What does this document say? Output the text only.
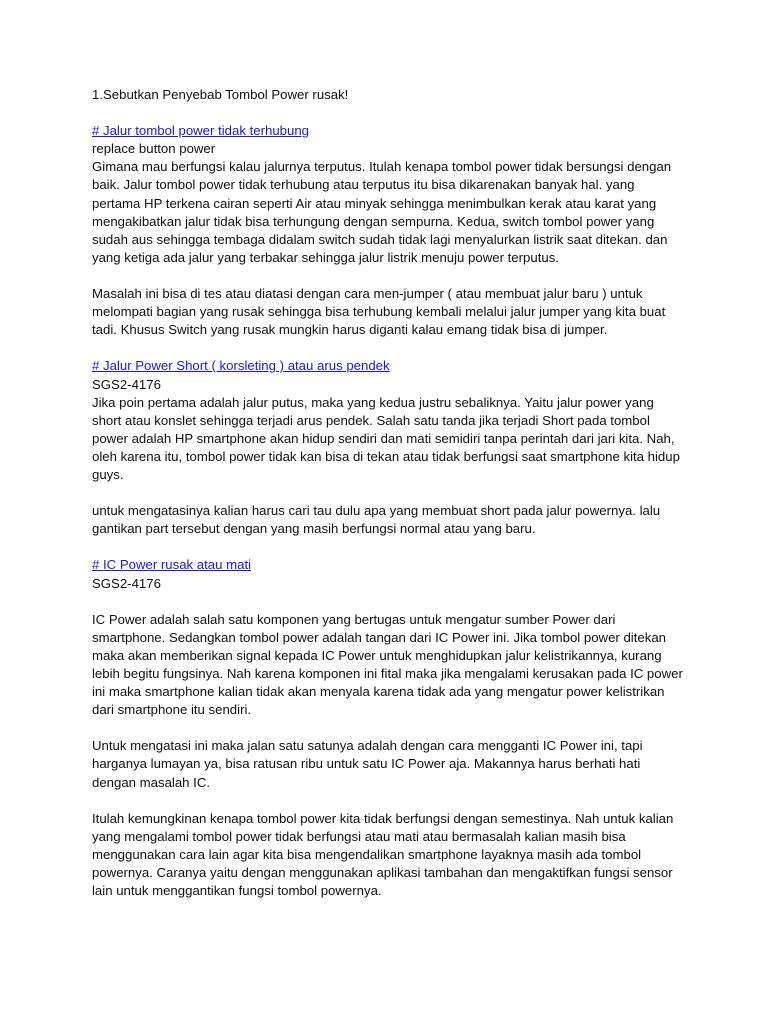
1.Sebutkan Penyebab Tombol Power rusak!

# Jalur tombol power tidak terhubung

replace button power

Gimana mau berfungsi kalau jalurnya terputus. Itulah kenapa tombol power tidak bersungsi dengan baik. Jalur tombol power tidak terhubung atau terputus itu bisa dikarenakan banyak hal. yang pertama HP terkena cairan seperti Air atau minyak sehingga menimbulkan kerak atau karat yang mengakibatkan jalur tidak bisa terhungung dengan sempurna. Kedua, switch tombol power yang sudah aus sehingga tembaga didalam switch sudah tidak lagi menyalurkan listrik saat ditekan. dan yang ketiga ada jalur yang terbakar sehingga jalur listrik menuju power terputus.

Masalah ini bisa di tes atau diatasi dengan cara men-jumper ( atau membuat jalur baru ) untuk melompati bagian yang rusak sehingga bisa terhubung kembali melalui jalur jumper yang kita buat tadi. Khusus Switch yang rusak mungkin harus diganti kalau emang tidak bisa di jumper.

# Jalur Power Short ( korsleting ) atau arus pendek

SGS2-4176

Jika poin pertama adalah jalur putus, maka yang kedua justru sebaliknya. Yaitu jalur power yang short atau konslet sehingga terjadi arus pendek. Salah satu tanda jika terjadi Short pada tombol power adalah HP smartphone akan hidup sendiri dan mati semidiri tanpa perintah dari jari kita. Nah, oleh karena itu, tombol power tidak kan bisa di tekan atau tidak berfungsi saat smartphone kita hidup guys.

untuk mengatasinya kalian harus cari tau dulu apa yang membuat short pada jalur powernya. lalu gantikan part tersebut dengan yang masih berfungsi normal atau yang baru.

# IC Power rusak atau mati

SGS2-4176

IC Power adalah salah satu komponen yang bertugas untuk mengatur sumber Power dari smartphone. Sedangkan tombol power adalah tangan dari IC Power ini. Jika tombol power ditekan maka akan memberikan signal kepada IC Power untuk menghidupkan jalur kelistrikannya, kurang lebih begitu fungsinya. Nah karena komponen ini fital maka jika mengalami kerusakan pada IC power ini maka smartphone kalian tidak akan menyala karena tidak ada yang mengatur power kelistrikan dari smartphone itu sendiri.

Untuk mengatasi ini maka jalan satu satunya adalah dengan cara mengganti IC Power ini, tapi harganya lumayan ya, bisa ratusan ribu untuk satu IC Power aja. Makannya harus berhati hati dengan masalah IC.

Itulah kemungkinan kenapa tombol power kita tidak berfungsi dengan semestinya. Nah untuk kalian yang mengalami tombol power tidak berfungsi atau mati atau bermasalah kalian masih bisa menggunakan cara lain agar kita bisa mengendalikan smartphone layaknya masih ada tombol powernya. Caranya yaitu dengan menggunakan aplikasi tambahan dan mengaktifkan fungsi sensor lain untuk menggantikan fungsi tombol powernya.
